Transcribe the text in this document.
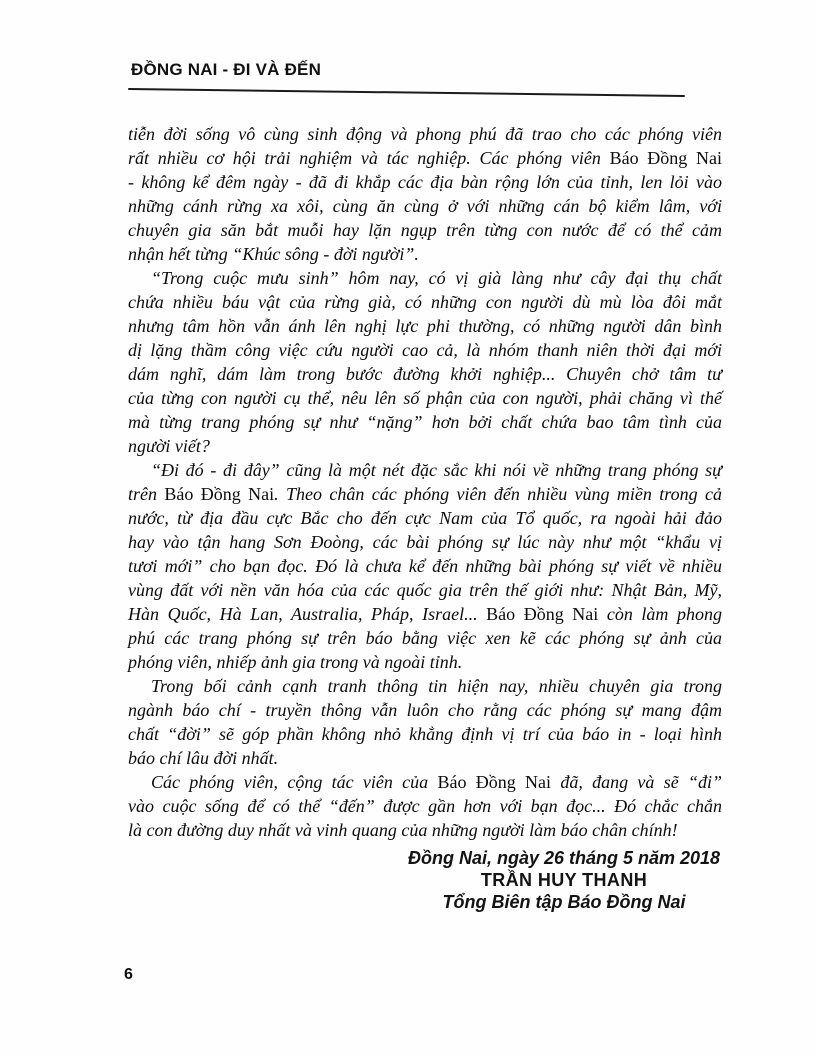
ĐỒNG NAI - ĐI VÀ ĐẾN
tiễn đời sống vô cùng sinh động và phong phú đã trao cho các phóng viên
rất nhiều cơ hội trải nghiệm và tác nghiệp. Các phóng viên Báo Đồng Nai
- không kể đêm ngày - đã đi khắp các địa bàn rộng lớn của tỉnh, len lỏi vào
những cánh rừng xa xôi, cùng ăn cùng ở với những cán bộ kiểm lâm, với
chuyên gia săn bắt muỗi hay lặn ngụp trên từng con nước để có thể cảm
nhận hết từng “Khúc sông - đời người”.
“Trong cuộc mưu sinh” hôm nay, có vị già làng như cây đại thụ chất
chứa nhiều báu vật của rừng già, có những con người dù mù lòa đôi mắt
nhưng tâm hồn vẫn ánh lên nghị lực phi thường, có những người dân bình
dị lặng thầm công việc cứu người cao cả, là nhóm thanh niên thời đại mới
dám nghĩ, dám làm trong bước đường khởi nghiệp... Chuyên chở tâm tư
của từng con người cụ thể, nêu lên số phận của con người, phải chăng vì thế
mà từng trang phóng sự như “nặng” hơn bởi chất chứa bao tâm tình của
người viết?
“Đi đó - đi đây” cũng là một nét đặc sắc khi nói về những trang phóng sự
trên Báo Đồng Nai. Theo chân các phóng viên đến nhiều vùng miền trong cả
nước, từ địa đầu cực Bắc cho đến cực Nam của Tổ quốc, ra ngoài hải đảo
hay vào tận hang Sơn Đoòng, các bài phóng sự lúc này như một “khẩu vị
tươi mới” cho bạn đọc. Đó là chưa kể đến những bài phóng sự viết về nhiều
vùng đất với nền văn hóa của các quốc gia trên thế giới như: Nhật Bản, Mỹ,
Hàn Quốc, Hà Lan, Australia, Pháp, Israel... Báo Đồng Nai còn làm phong
phú các trang phóng sự trên báo bằng việc xen kẽ các phóng sự ảnh của
phóng viên, nhiếp ảnh gia trong và ngoài tỉnh.
Trong bối cảnh cạnh tranh thông tin hiện nay, nhiều chuyên gia trong
ngành báo chí - truyền thông vẫn luôn cho rằng các phóng sự mang đậm
chất “đời” sẽ góp phần không nhỏ khẳng định vị trí của báo in - loại hình
báo chí lâu đời nhất.
Các phóng viên, cộng tác viên của Báo Đồng Nai đã, đang và sẽ “đi”
vào cuộc sống để có thể “đến” được gần hơn với bạn đọc... Đó chắc chắn
là con đường duy nhất và vinh quang của những người làm báo chân chính!
Đồng Nai, ngày 26 tháng 5 năm 2018
TRẦN HUY THANH
Tổng Biên tập Báo Đồng Nai
6
